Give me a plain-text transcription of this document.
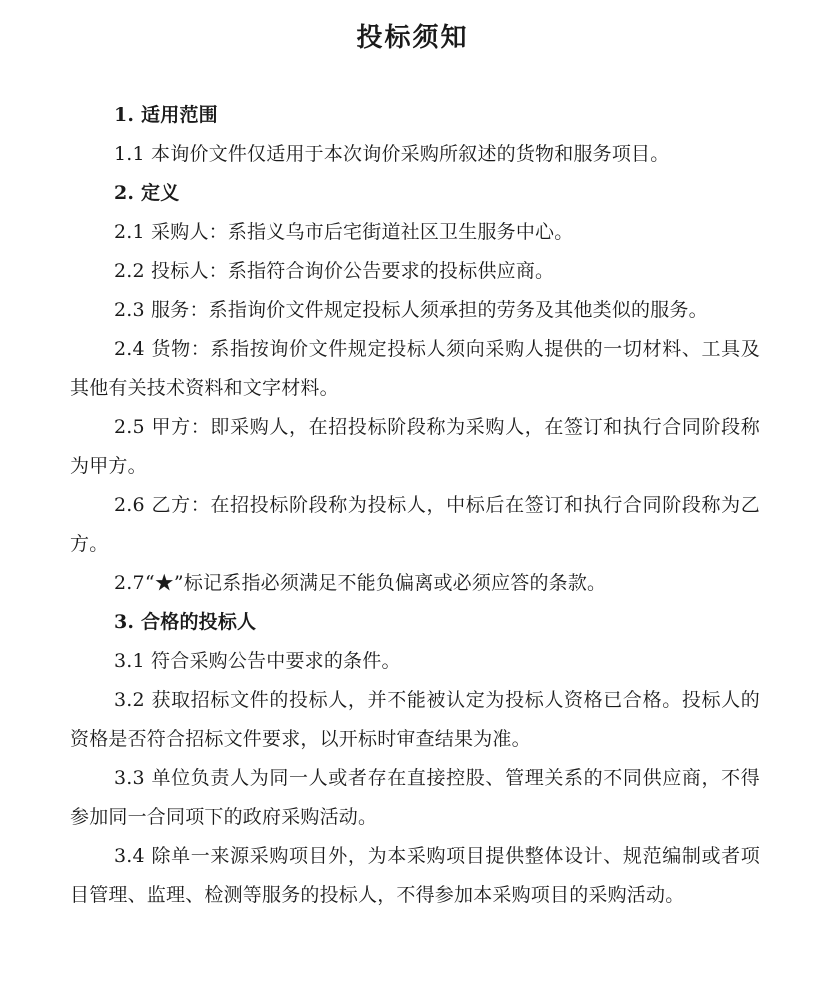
投标须知

1. 适用范围

1.1 本询价文件仅适用于本次询价采购所叙述的货物和服务项目。

2. 定义

2.1 采购人：系指义乌市后宅街道社区卫生服务中心。

2.2 投标人：系指符合询价公告要求的投标供应商。

2.3 服务：系指询价文件规定投标人须承担的劳务及其他类似的服务。

2.4 货物：系指按询价文件规定投标人须向采购人提供的一切材料、工具及其他有关技术资料和文字材料。

2.5 甲方：即采购人，在招投标阶段称为采购人，在签订和执行合同阶段称为甲方。

2.6 乙方：在招投标阶段称为投标人，中标后在签订和执行合同阶段称为乙方。

2.7“★”标记系指必须满足不能负偏离或必须应答的条款。

3. 合格的投标人

3.1 符合采购公告中要求的条件。

3.2 获取招标文件的投标人，并不能被认定为投标人资格已合格。投标人的资格是否符合招标文件要求，以开标时审查结果为准。

3.3 单位负责人为同一人或者存在直接控股、管理关系的不同供应商，不得参加同一合同项下的政府采购活动。

3.4 除单一来源采购项目外，为本采购项目提供整体设计、规范编制或者项目管理、监理、检测等服务的投标人，不得参加本采购项目的采购活动。
